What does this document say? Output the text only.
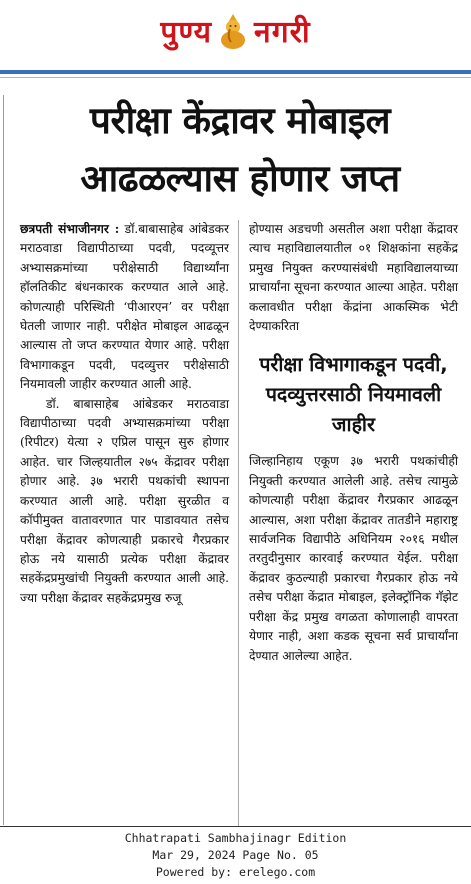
पुण्य नगरी
परीक्षा केंद्रावर मोबाइल
आढळल्यास होणार जप्त

छत्रपती संभाजीनगर : डॉ.बाबासाहेब आंबेडकर मराठवाडा विद्यापीठाच्या पदवी, पदव्यूत्तर अभ्यासक्रमांच्या परीक्षेसाठी विद्यार्थ्यांना हॉलतिकीट बंधनकारक करण्यात आले आहे. कोणत्याही परिस्थिती ‘पीआरएन’ वर परीक्षा घेतली जाणार नाही. परीक्षेत मोबाइल आढळून आल्यास तो जप्त करण्यात येणार आहे. परीक्षा विभागाकडून पदवी, पदव्युत्तर परीक्षेसाठी नियमावली जाहीर करण्यात आली आहे.

डॉ. बाबासाहेब आंबेडकर मराठवाडा विद्यापीठाच्या पदवी अभ्यासक्रमांच्या परीक्षा (रिपीटर) येत्या २ एप्रिल पासून सुरु होणार आहेत. चार जिल्हयातील २७५ केंद्रावर परीक्षा होणार आहे. ३७ भरारी पथकांची स्थापना करण्यात आली आहे. परीक्षा सुरळीत व कॉपीमुक्त वातावरणात पार पाडावयात तसेच परीक्षा केंद्रावर कोणत्याही प्रकारचे गैरप्रकार होऊ नये यासाठी प्रत्येक परीक्षा केंद्रावर सहकेंद्रप्रमुखांची नियुक्ती करण्यात आली आहे. ज्या परीक्षा केंद्रावर सहकेंद्रप्रमुख रुजू

होण्यास अडचणी असतील अशा परीक्षा केंद्रावर त्याच महाविद्यालयातील ०१ शिक्षकांना सहकेंद्र प्रमुख नियुक्त करण्यासंबंधी महाविद्यालयाच्या प्राचार्यांना सूचना करण्यात आल्या आहेत. परीक्षा कलावधीत परीक्षा केंद्रांना आकस्मिक भेटी देण्याकरिता

परीक्षा विभागाकडून पदवी, पदव्युत्तरसाठी नियमावली जाहीर

जिल्हानिहाय एकूण ३७ भरारी पथकांचीही नियुक्ती करण्यात आलेली आहे. तसेच त्यामुळे कोणत्याही परीक्षा केंद्रावर गैरप्रकार आढळून आल्यास, अशा परीक्षा केंद्रावर तातडीने महाराष्ट्र सार्वजनिक विद्यापीठे अधिनियम २०१६ मधील तरतुदीनुसार कारवाई करण्यात येईल. परीक्षा केंद्रावर कुठल्याही प्रकारचा गैरप्रकार होऊ नये तसेच परीक्षा केंद्रात मोबाइल, इलेक्ट्रॉनिक गॅझेट परीक्षा केंद्र प्रमुख वगळता कोणालाही वापरता येणार नाही, अशा कडक सूचना सर्व प्राचार्यांना देण्यात आलेल्या आहेत.

Chhatrapati Sambhajinagr Edition
Mar 29, 2024 Page No. 05
Powered by: erelego.com
